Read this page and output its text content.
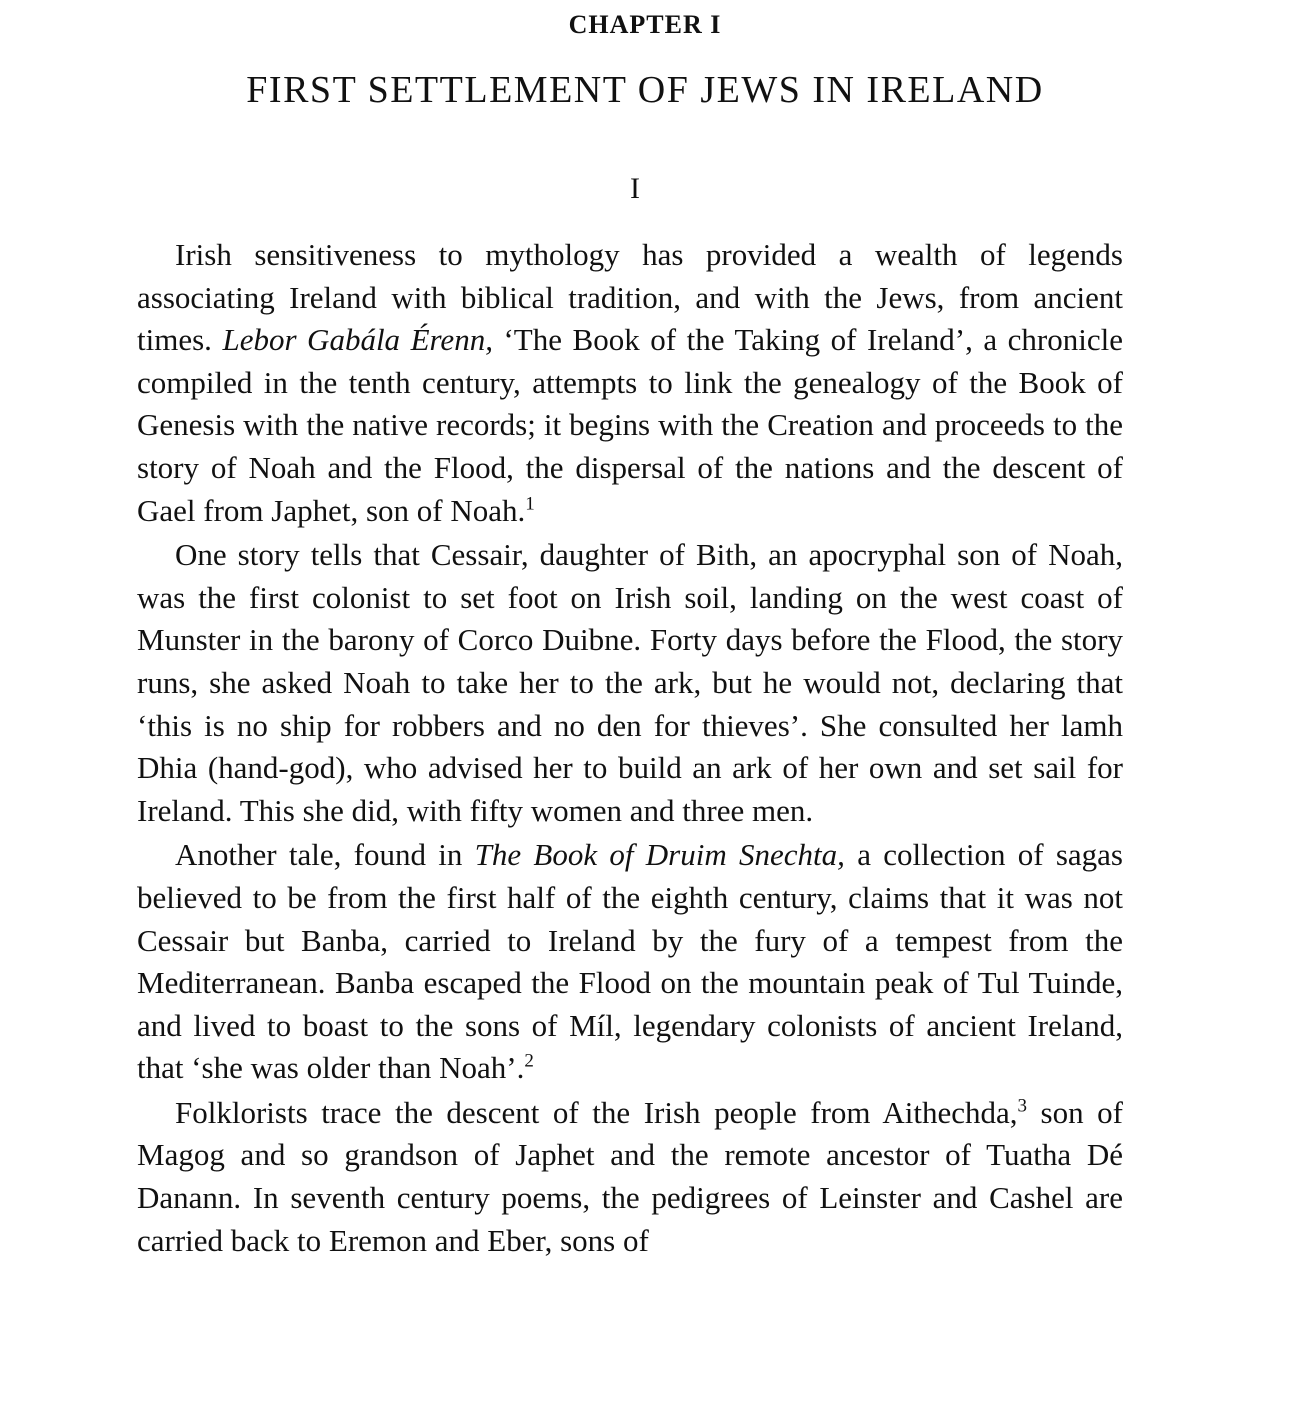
CHAPTER I
FIRST SETTLEMENT OF JEWS IN IRELAND
I

Irish sensitiveness to mythology has provided a wealth of legends associating Ireland with biblical tradition, and with the Jews, from ancient times. Lebor Gabála Érenn, ‘The Book of the Taking of Ireland’, a chronicle compiled in the tenth century, attempts to link the genealogy of the Book of Genesis with the native records; it begins with the Creation and proceeds to the story of Noah and the Flood, the dispersal of the nations and the descent of Gael from Japhet, son of Noah.$^1$

One story tells that Cessair, daughter of Bith, an apocryphal son of Noah, was the first colonist to set foot on Irish soil, landing on the west coast of Munster in the barony of Corco Duibne. Forty days before the Flood, the story runs, she asked Noah to take her to the ark, but he would not, declaring that ‘this is no ship for robbers and no den for thieves’. She consulted her lamh Dhia (hand-god), who advised her to build an ark of her own and set sail for Ireland. This she did, with fifty women and three men.

Another tale, found in The Book of Druim Snechta, a collection of sagas believed to be from the first half of the eighth century, claims that it was not Cessair but Banba, carried to Ireland by the fury of a tempest from the Mediterranean. Banba escaped the Flood on the mountain peak of Tul Tuinde, and lived to boast to the sons of Míl, legendary colonists of ancient Ireland, that ‘she was older than Noah’.$^2$

Folklorists trace the descent of the Irish people from Aithechda,$^3$ son of Magog and so grandson of Japhet and the remote ancestor of Tuatha Dé Danann. In seventh century poems, the pedigrees of Leinster and Cashel are carried back to Eremon and Eber, sons of
